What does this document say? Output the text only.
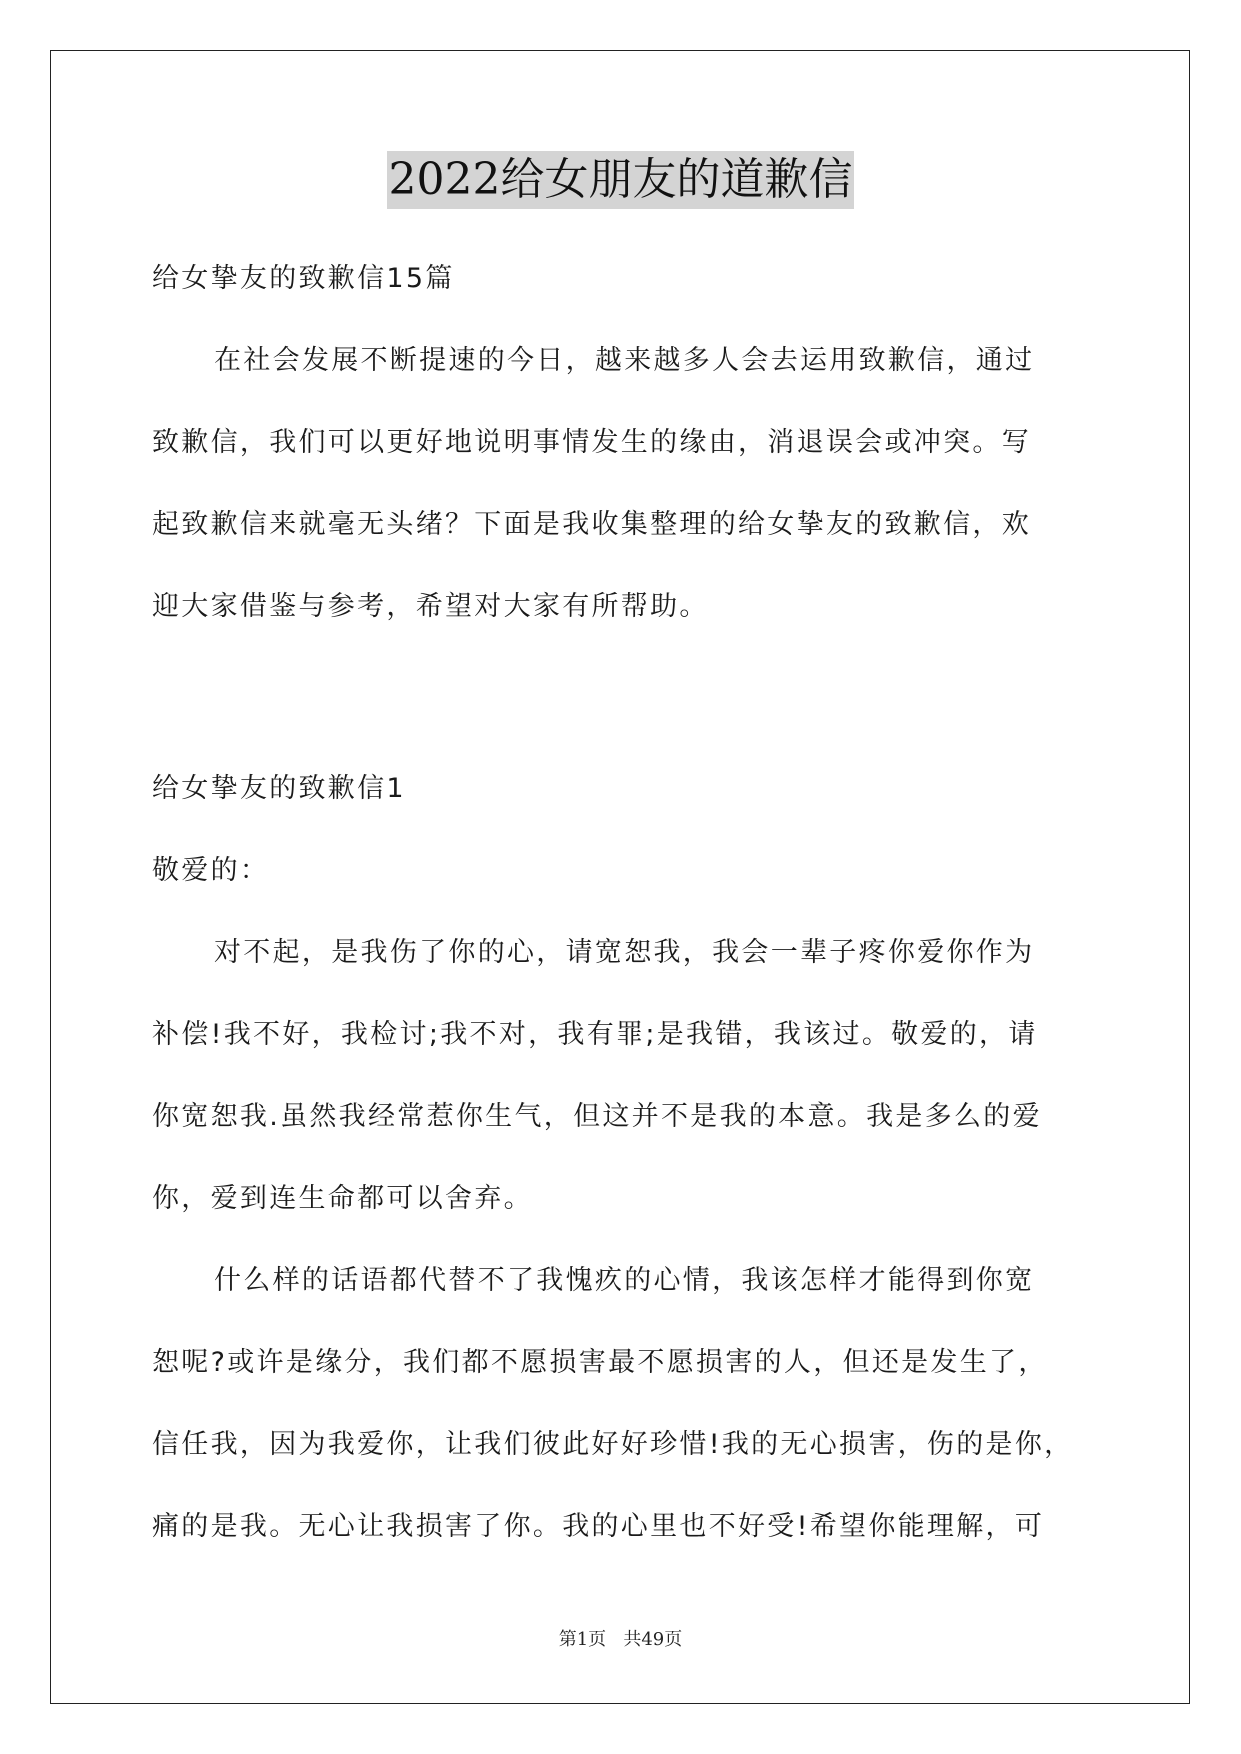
2022给女朋友的道歉信
给女挚友的致歉信15篇
在社会发展不断提速的今日，越来越多人会去运用致歉信，通过
致歉信，我们可以更好地说明事情发生的缘由，消退误会或冲突。写
起致歉信来就毫无头绪？下面是我收集整理的给女挚友的致歉信，欢
迎大家借鉴与参考，希望对大家有所帮助。
给女挚友的致歉信1
敬爱的：
对不起，是我伤了你的心，请宽恕我，我会一辈子疼你爱你作为
补偿!我不好，我检讨;我不对，我有罪;是我错，我该过。敬爱的，请
你宽恕我.虽然我经常惹你生气，但这并不是我的本意。我是多么的爱
你，爱到连生命都可以舍弃。
什么样的话语都代替不了我愧疚的心情，我该怎样才能得到你宽
恕呢?或许是缘分，我们都不愿损害最不愿损害的人，但还是发生了，
信任我，因为我爱你，让我们彼此好好珍惜!我的无心损害，伤的是你，
痛的是我。无心让我损害了你。我的心里也不好受!希望你能理解，可
第1页 共49页
